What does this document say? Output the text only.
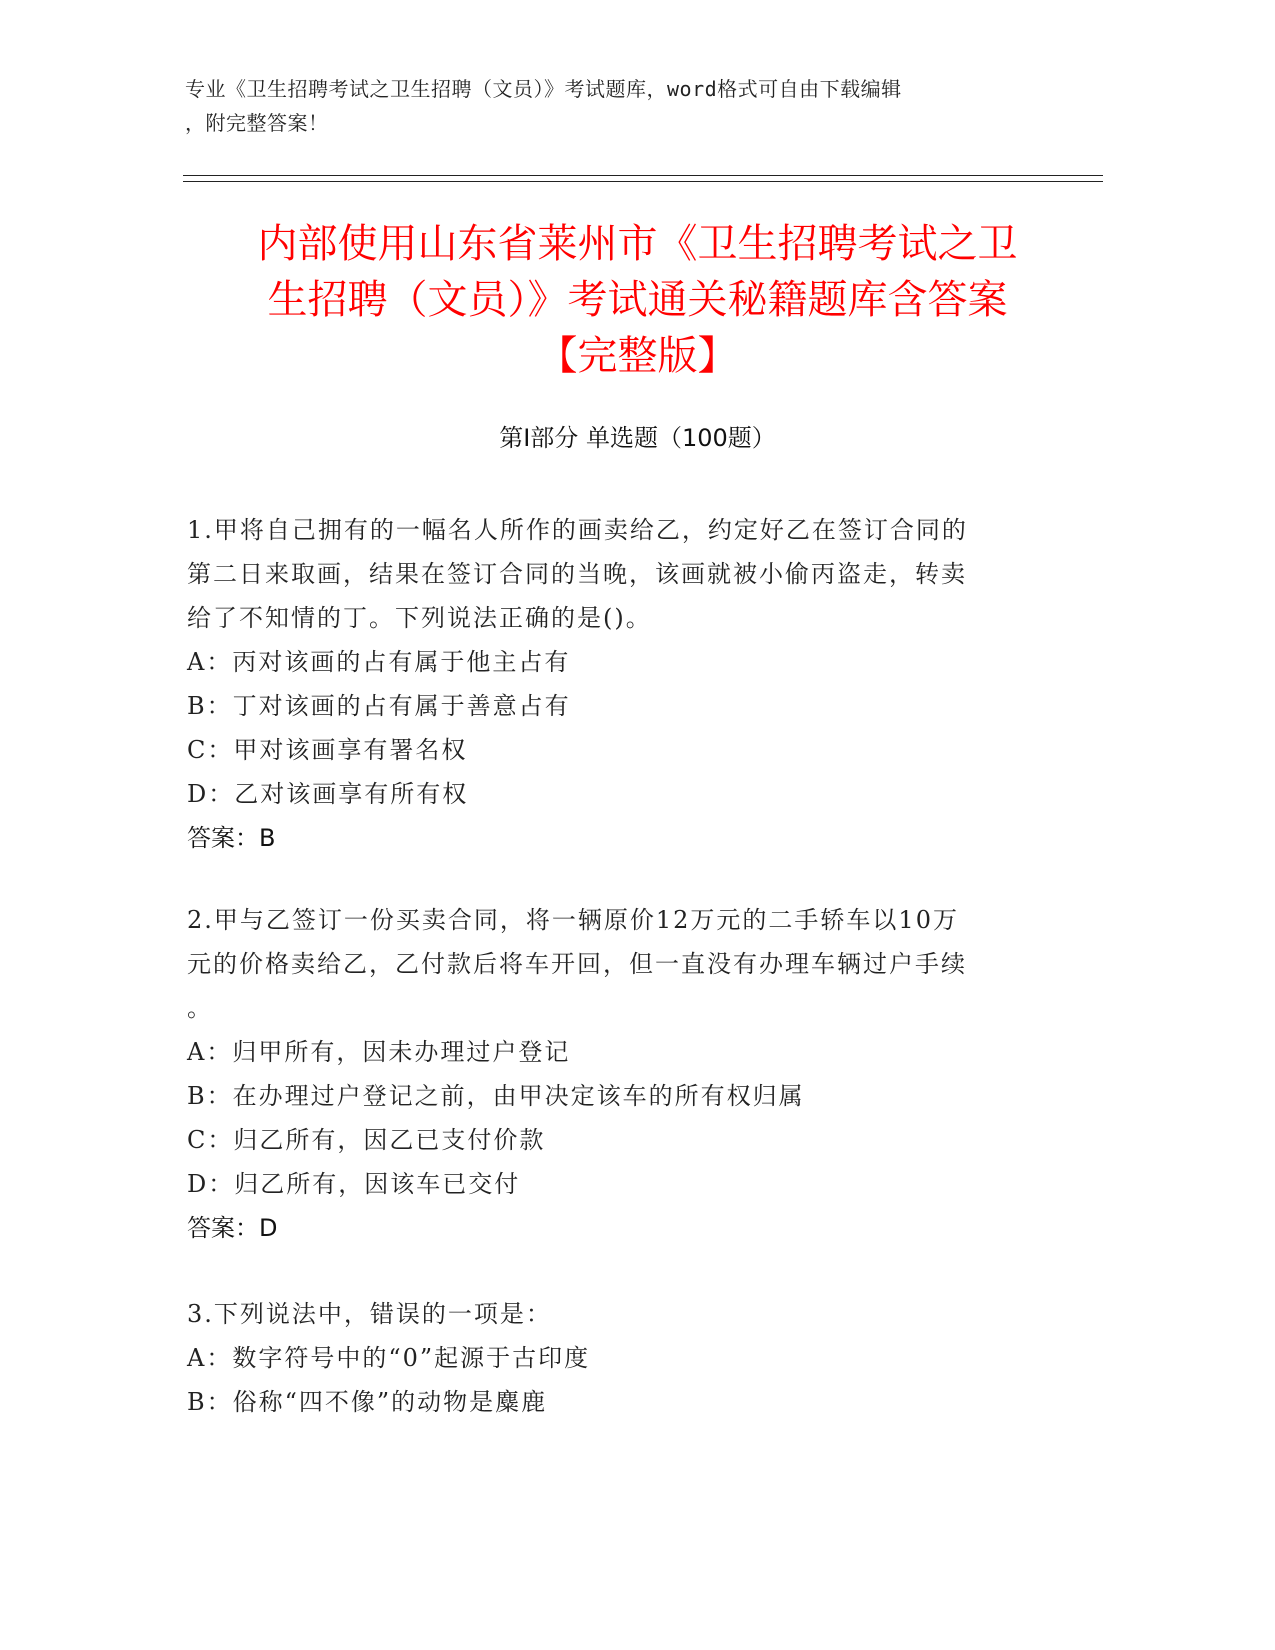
专业《卫生招聘考试之卫生招聘（文员）》考试题库，word格式可自由下载编辑
，附完整答案！
内部使用山东省莱州市《卫生招聘考试之卫
生招聘（文员）》考试通关秘籍题库含答案
【完整版】
第Ⅰ部分 单选题（100题）

1.甲将自己拥有的一幅名人所作的画卖给乙，约定好乙在签订合同的

第二日来取画，结果在签订合同的当晚，该画就被小偷丙盗走，转卖

给了不知情的丁。下列说法正确的是()。

A：丙对该画的占有属于他主占有

B：丁对该画的占有属于善意占有

C：甲对该画享有署名权

D：乙对该画享有所有权

答案：B

2.甲与乙签订一份买卖合同，将一辆原价12万元的二手轿车以10万

元的价格卖给乙，乙付款后将车开回，但一直没有办理车辆过户手续

。

A：归甲所有，因未办理过户登记

B：在办理过户登记之前，由甲决定该车的所有权归属

C：归乙所有，因乙已支付价款

D：归乙所有，因该车已交付

答案：D

3.下列说法中，错误的一项是：

A：数字符号中的“0”起源于古印度

B：俗称“四不像”的动物是麋鹿
